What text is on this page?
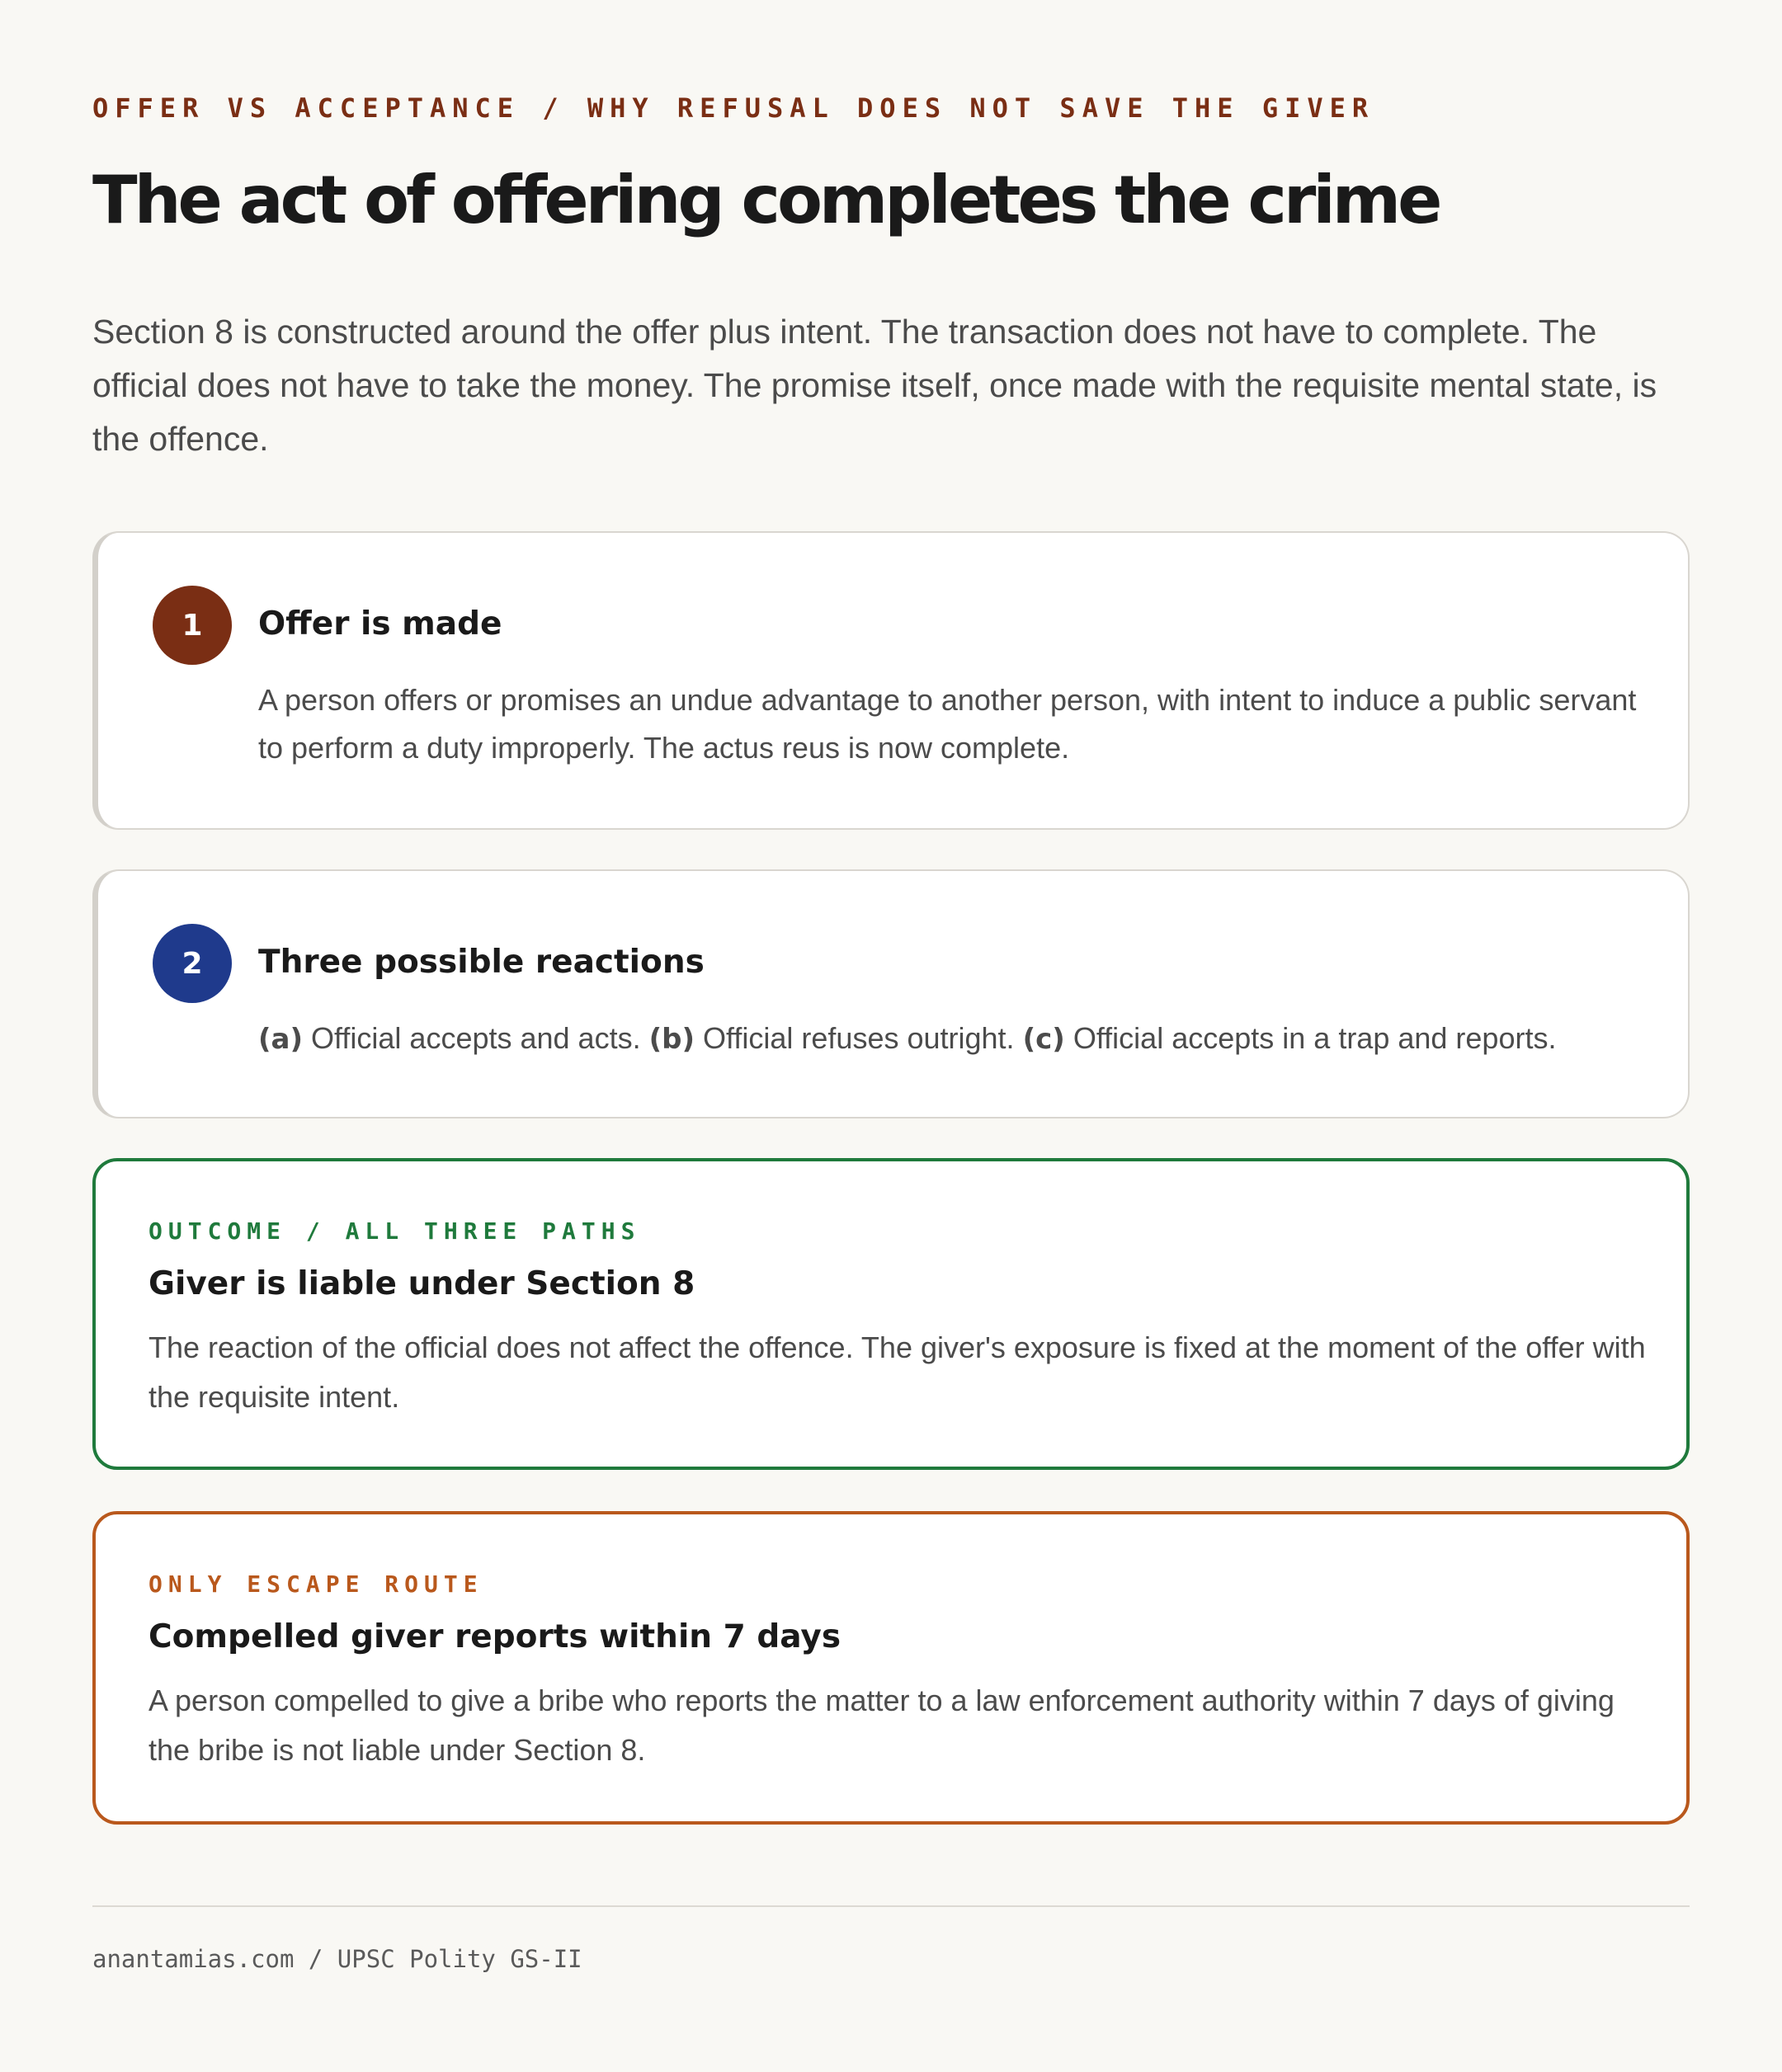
OFFER VS ACCEPTANCE / WHY REFUSAL DOES NOT SAVE THE GIVER
The act of offering completes the crime

Section 8 is constructed around the offer plus intent. The transaction does not have to complete. The official does not have to take the money. The promise itself, once made with the requisite mental state, is the offence.

1	Offer is made
A person offers or promises an undue advantage to another person, with intent to induce a public servant to perform a duty improperly. The actus reus is now complete.
2	Three possible reactions
(a) Official accepts and acts. (b) Official refuses outright. (c) Official accepts in a trap and reports.
OUTCOME / ALL THREE PATHS
Giver is liable under Section 8
The reaction of the official does not affect the offence. The giver's exposure is fixed at the moment of the offer with the requisite intent.
ONLY ESCAPE ROUTE
Compelled giver reports within 7 days
A person compelled to give a bribe who reports the matter to a law enforcement authority within 7 days of giving the bribe is not liable under Section 8.
anantamias.com / UPSC Polity GS-II
